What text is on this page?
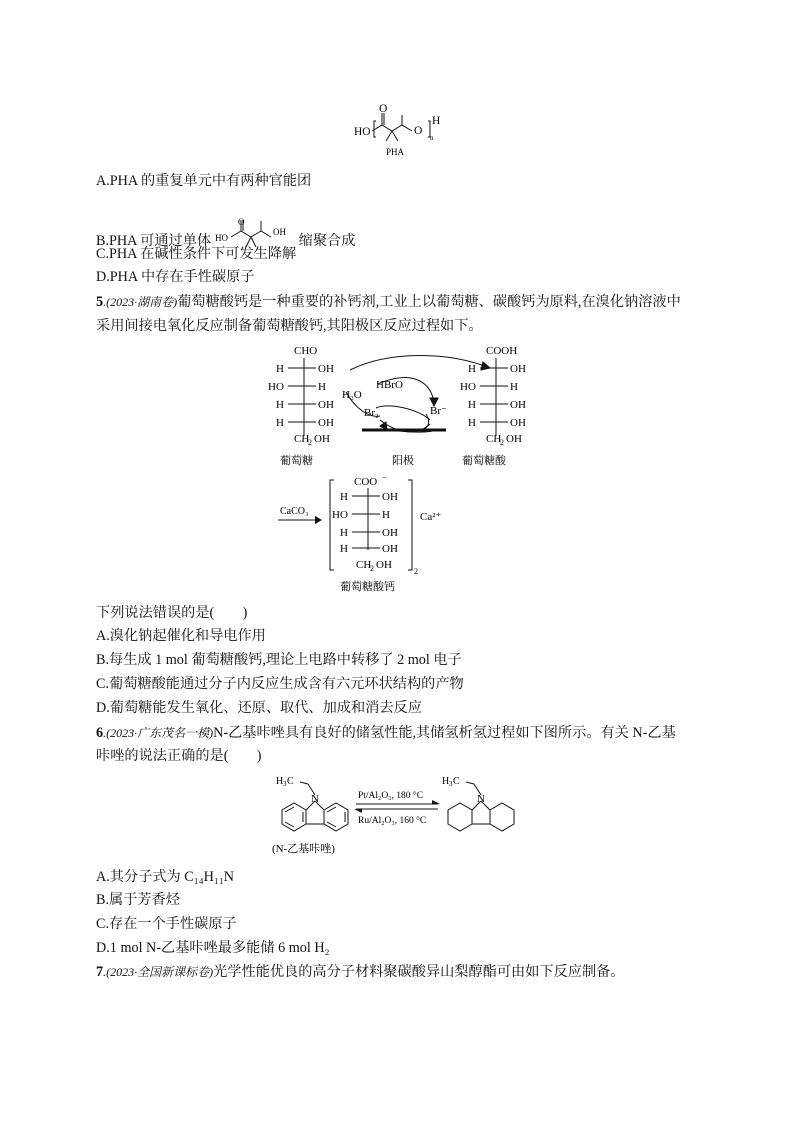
HO
O
O
H
n
PHA
A.PHA 的重复单元中有两种官能团
B.PHA 可通过单体 HO
O
OH
缩聚合成
C.PHA 在碱性条件下可发生降解
D.PHA 中存在手性碳原子
5.(2023·湖南卷)葡萄糖酸钙是一种重要的补钙剂,工业上以葡萄糖、碳酸钙为原料,在溴化钠溶液中
采用间接电氧化反应制备葡萄糖酸钙,其阳极区反应过程如下。
CHO
H	OH
HO	H
H	OH
H	OH
CH
2 OH
葡萄糖
HBrO
H₂O
Br₂	Br⁻
阳极
COOH
H	OH
HO	H
H	OH
H	OH
CH
2 OH
葡萄糖酸
CaCO₃
COO −
H	OH
HO	H
H	OH
H	OH
CH
2 OH
2
Ca²⁺
葡萄糖酸钙
下列说法错误的是(　　)
A.溴化钠起催化和导电作用
B.每生成 1 mol 葡萄糖酸钙,理论上电路中转移了 2 mol 电子
C.葡萄糖酸能通过分子内反应生成含有六元环状结构的产物
D.葡萄糖能发生氧化、还原、取代、加成和消去反应
6.(2023·广东茂名一模)N-乙基咔唑具有良好的储氢性能,其储氢析氢过程如下图所示。有关 N-乙基
咔唑的说法正确的是(　　)
N
H 3 C
(N-乙基咔唑)
Pt/Al₂O₃, 180 °C
Ru/Al₂O₃, 160 °C
N
H 3 C
A.其分子式为 C₁₄H₁₁N
B.属于芳香烃
C.存在一个手性碳原子
D.1 mol N-乙基咔唑最多能储 6 mol H₂
7.(2023·全国新课标卷)光学性能优良的高分子材料聚碳酸异山梨醇酯可由如下反应制备。
